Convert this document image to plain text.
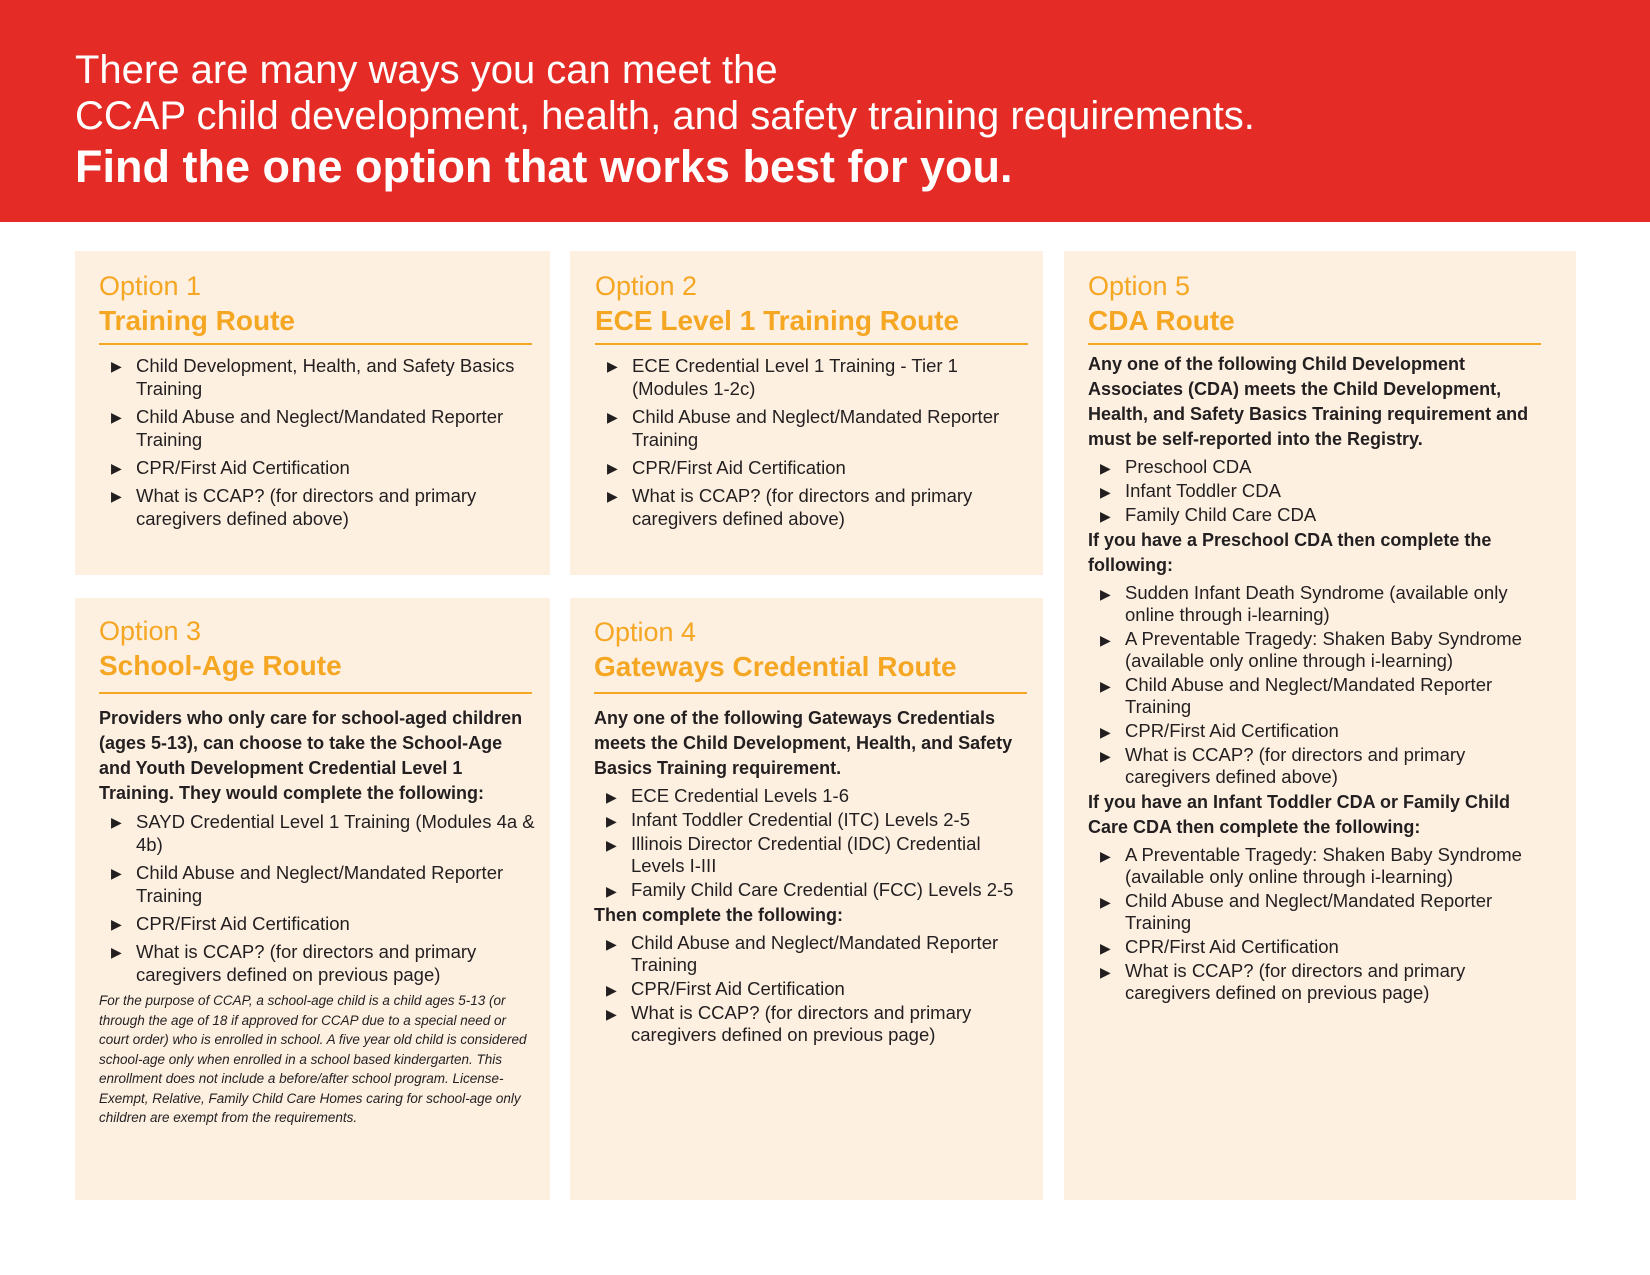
There are many ways you can meet the
CCAP child development, health, and safety training requirements.
Find the one option that works best for you.
Option 1
Training Route
▶ Child Development, Health, and Safety Basics Training
▶ Child Abuse and Neglect/Mandated Reporter Training
▶ CPR/First Aid Certification
▶ What is CCAP? (for directors and primary caregivers defined above)
Option 2
ECE Level 1 Training Route
▶ ECE Credential Level 1 Training - Tier 1 (Modules 1-2c)
▶ Child Abuse and Neglect/Mandated Reporter Training
▶ CPR/First Aid Certification
▶ What is CCAP? (for directors and primary caregivers defined above)
Option 3
School-Age Route
Providers who only care for school-aged children (ages 5-13), can choose to take the School-Age and Youth Development Credential Level 1 Training. They would complete the following:
▶ SAYD Credential Level 1 Training (Modules 4a & 4b)
▶ Child Abuse and Neglect/Mandated Reporter Training
▶ CPR/First Aid Certification
▶ What is CCAP? (for directors and primary caregivers defined on previous page)
For the purpose of CCAP, a school-age child is a child ages 5-13 (or through the age of 18 if approved for CCAP due to a special need or court order) who is enrolled in school. A five year old child is considered school-age only when enrolled in a school based kindergarten. This enrollment does not include a before/after school program. License-Exempt, Relative, Family Child Care Homes caring for school-age only children are exempt from the requirements.
Option 4
Gateways Credential Route
Any one of the following Gateways Credentials meets the Child Development, Health, and Safety Basics Training requirement.
▶ ECE Credential Levels 1-6
▶ Infant Toddler Credential (ITC) Levels 2-5
▶ Illinois Director Credential (IDC) Credential Levels I-III
▶ Family Child Care Credential (FCC) Levels 2-5
Then complete the following:
▶ Child Abuse and Neglect/Mandated Reporter Training
▶ CPR/First Aid Certification
▶ What is CCAP? (for directors and primary caregivers defined on previous page)
Option 5
CDA Route
Any one of the following Child Development Associates (CDA) meets the Child Development, Health, and Safety Basics Training requirement and must be self-reported into the Registry.
▶ Preschool CDA
▶ Infant Toddler CDA
▶ Family Child Care CDA
If you have a Preschool CDA then complete the following:
▶ Sudden Infant Death Syndrome (available only online through i-learning)
▶ A Preventable Tragedy: Shaken Baby Syndrome (available only online through i-learning)
▶ Child Abuse and Neglect/Mandated Reporter Training
▶ CPR/First Aid Certification
▶ What is CCAP? (for directors and primary caregivers defined above)
If you have an Infant Toddler CDA or Family Child Care CDA then complete the following:
▶ A Preventable Tragedy: Shaken Baby Syndrome (available only online through i-learning)
▶ Child Abuse and Neglect/Mandated Reporter Training
▶ CPR/First Aid Certification
▶ What is CCAP? (for directors and primary caregivers defined on previous page)
